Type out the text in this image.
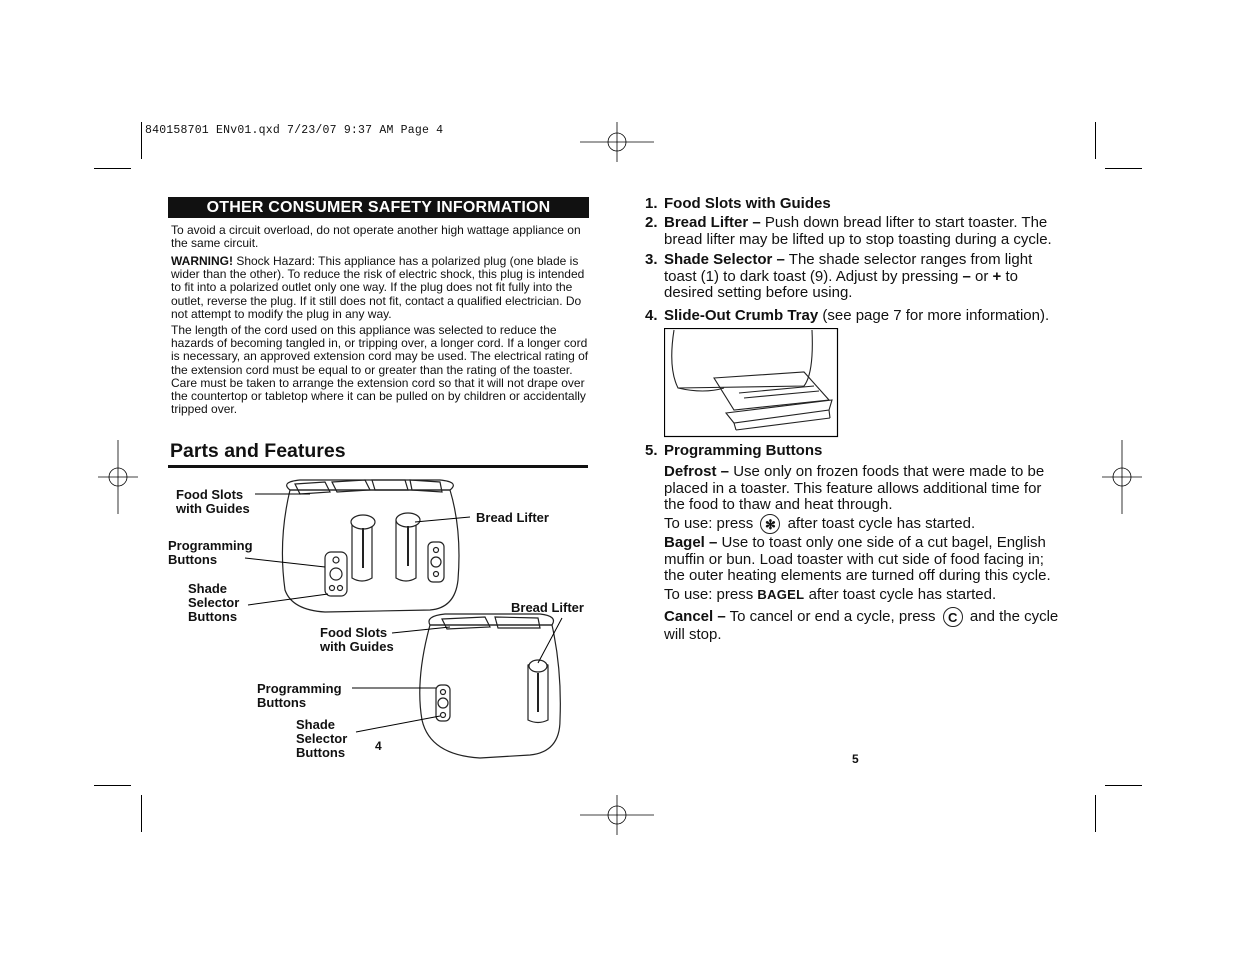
840158701 ENv01.qxd 7/23/07 9:37 AM Page 4
OTHER CONSUMER SAFETY INFORMATION

To avoid a circuit overload, do not operate another high wattage appliance on the same circuit.

WARNING! Shock Hazard: This appliance has a polarized plug (one blade is wider than the other). To reduce the risk of electric shock, this plug is intended to fit into a polarized outlet only one way. If the plug does not fit fully into the outlet, reverse the plug. If it still does not fit, contact a qualified electrician. Do not attempt to modify the plug in any way.

The length of the cord used on this appliance was selected to reduce the hazards of becoming tangled in, or tripping over, a longer cord. If a longer cord is necessary, an approved extension cord may be used. The electrical rating of the extension cord must be equal to or greater than the rating of the toaster. Care must be taken to arrange the extension cord so that it will not drape over the countertop or tabletop where it can be pulled on by children or accidentally tripped over.

Parts and Features
Food Slots
with Guides
Programming
Buttons
Shade
Selector
Buttons
Bread Lifter
Bread Lifter
Food Slots
with Guides
Programming
Buttons
Shade
Selector
Buttons 4
1. Food Slots with Guides
2. Bread Lifter – Push down bread lifter to start toaster. The bread lifter may be lifted up to stop toasting during a cycle.
3. Shade Selector – The shade selector ranges from light toast (1) to dark toast (9). Adjust by pressing – or + to desired setting before using.
4. Slide-Out Crumb Tray (see page 7 for more information).
5. Programming Buttons
Defrost – Use only on frozen foods that were made to be placed in a toaster. This feature allows additional time for the food to thaw and heat through.
To use: press ✻ after toast cycle has started.
Bagel – Use to toast only one side of a cut bagel, English muffin or bun. Load toaster with cut side of food facing in; the outer heating elements are turned off during this cycle.
To use: press BAGEL after toast cycle has started.
Cancel – To cancel or end a cycle, press C and the cycle will stop.
5
